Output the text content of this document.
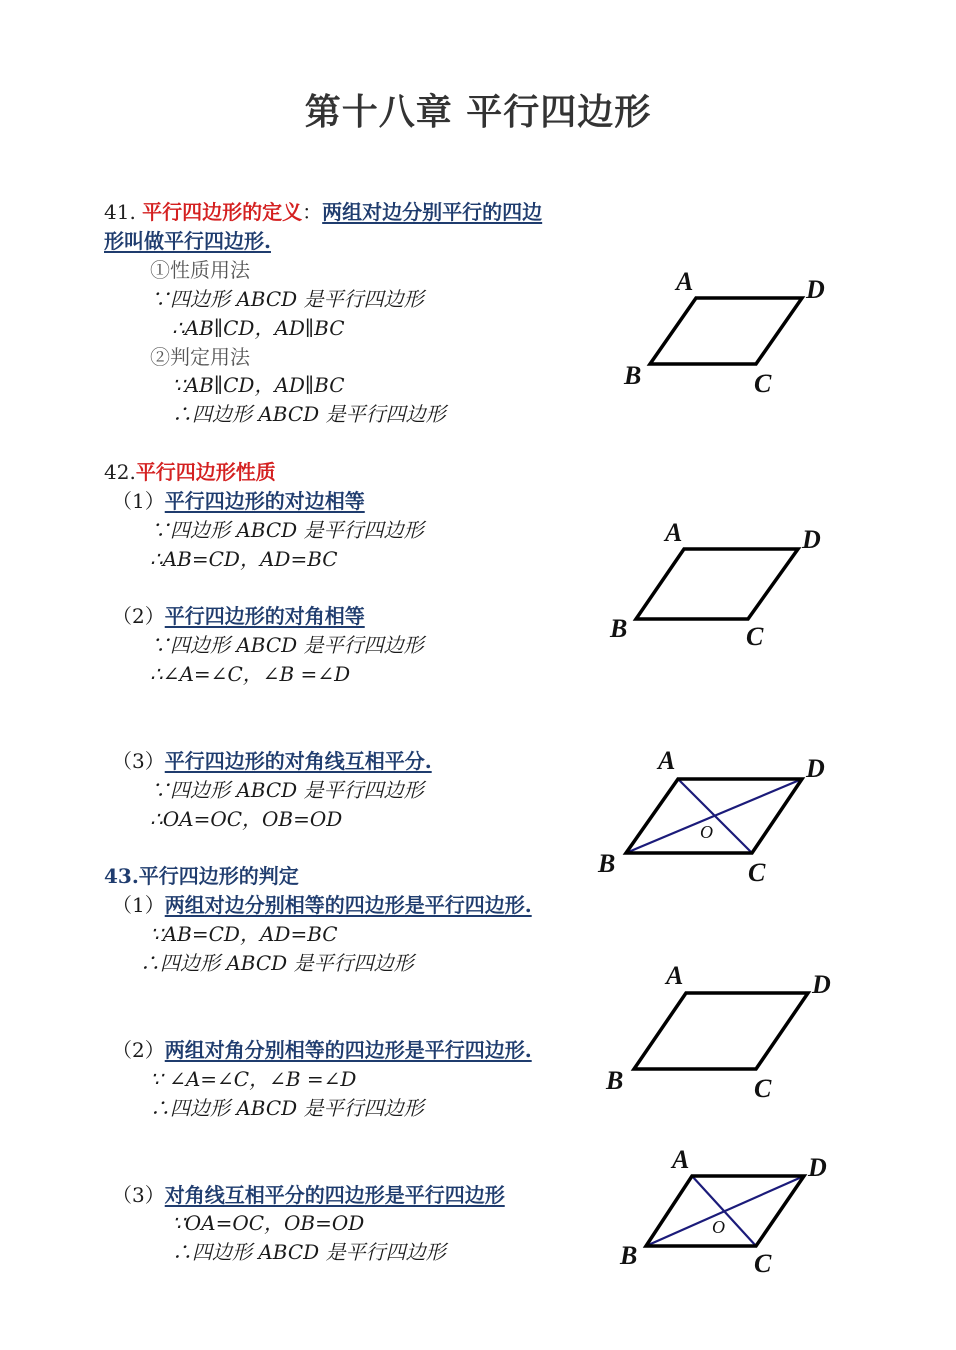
第十八章 平行四边形
41. 平行四边形的定义：两组对边分别平行的四边
形叫做平行四边形.
①性质用法
∵四边形 ABCD 是平行四边形
∴AB∥CD，AD∥BC
②判定用法
∵AB∥CD，AD∥BC
∴四边形 ABCD 是平行四边形
42.平行四边形性质
（1）平行四边形的对边相等
∵四边形 ABCD 是平行四边形
∴AB=CD，AD=BC
（2）平行四边形的对角相等
∵四边形 ABCD 是平行四边形
∴∠A=∠C，∠B =∠D
（3）平行四边形的对角线互相平分.
∵四边形 ABCD 是平行四边形
∴OA=OC，OB=OD
43.平行四边形的判定
（1）两组对边分别相等的四边形是平行四边形.
∵AB=CD，AD=BC
∴四边形 ABCD 是平行四边形
（2）两组对角分别相等的四边形是平行四边形.
∵ ∠A=∠C，∠B =∠D
∴四边形 ABCD 是平行四边形
（3）对角线互相平分的四边形是平行四边形
∵OA=OC，OB=OD
∴四边形 ABCD 是平行四边形
A	D
B	C
A	D
B	C
A	D
B	C
O
A	D
B	C
A	D
B	C
O
